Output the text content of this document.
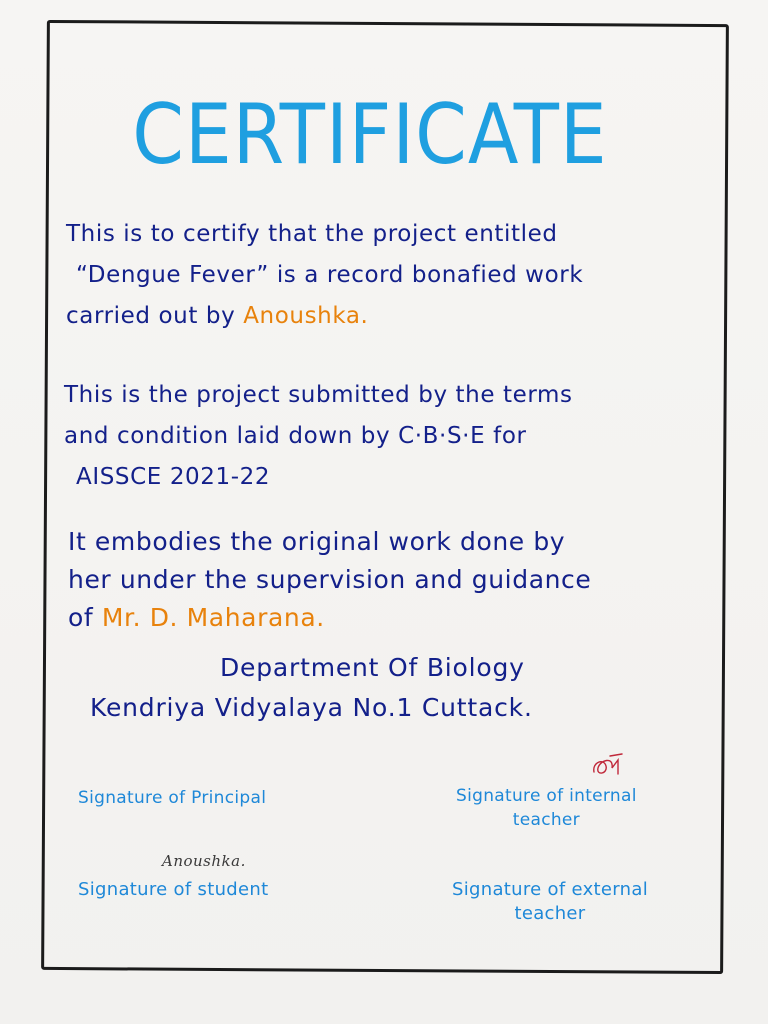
CERTIFICATE
This is to certify that the project entitled
“Dengue Fever” is a record bonafied work
carried out by Anoushka.
This is the project submitted by the terms
and condition laid down by C·B·S·E for
AISSCE 2021-22
It embodies the original work done by
her under the supervision and guidance
of Mr. D. Maharana.
Department Of Biology
Kendriya Vidyalaya No.1 Cuttack.
Signature of Principal	Signature of internal
teacher
Anoushka.
Signature of student	Signature of external
teacher
